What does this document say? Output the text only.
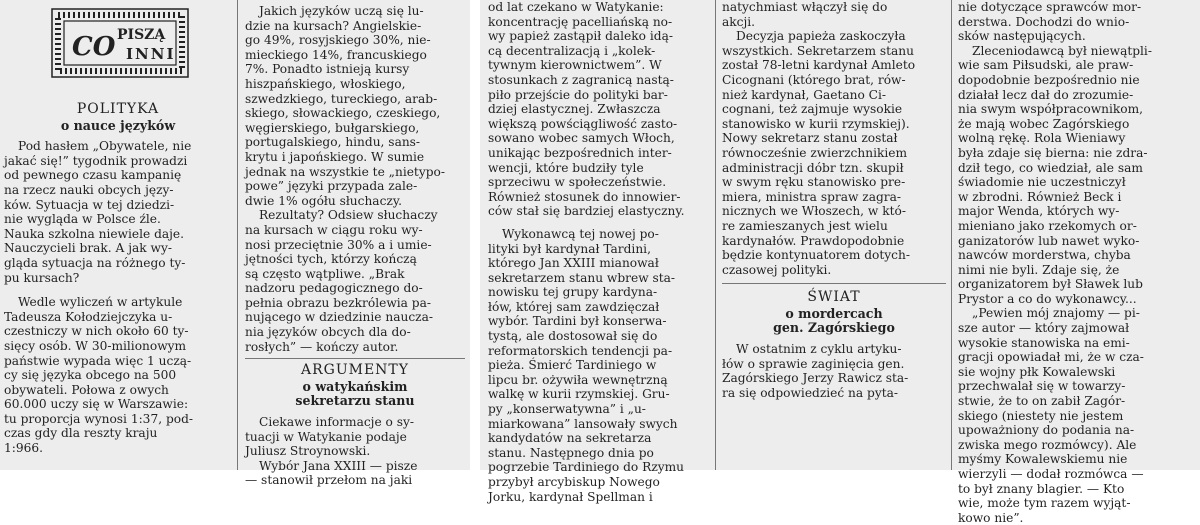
CO PISZĄ
INNI
POLITYKA
o nauce języków

Pod hasłem „Obywatele, nie
jakać się!” tygodnik prowadzi
od pewnego czasu kampanię
na rzecz nauki obcych języ-
ków. Sytuacja w tej dziedzi-
nie wygląda w Polsce źle.
Nauka szkolna niewiele daje.
Nauczycieli brak. A jak wy-
gląda sytuacja na różnego ty-
pu kursach?

Wedle wyliczeń w artykule
Tadeusza Kołodziejczyka u-
czestniczy w nich około 60 ty-
sięcy osób. W 30-milionowym
państwie wypada więc 1 uczą-
cy się języka obcego na 500
obywateli. Połowa z owych
60.000 uczy się w Warszawie:
tu proporcja wynosi 1:37, pod-
czas gdy dla reszty kraju
1:966.

Jakich języków uczą się lu-
dzie na kursach? Angielskie-
go 49%, rosyjskiego 30%, nie-
mieckiego 14%, francuskiego
7%. Ponadto istnieją kursy
hiszpańskiego, włoskiego,
szwedzkiego, tureckiego, arab-
skiego, słowackiego, czeskiego,
węgierskiego, bułgarskiego,
portugalskiego, hindu, sans-
krytu i japońskiego. W sumie
jednak na wszystkie te „nietypo-
powe” języki przypada zale-
dwie 1% ogółu słuchaczy.

Rezultaty? Odsiew słuchaczy
na kursach w ciągu roku wy-
nosi przeciętnie 30% a i umie-
jętności tych, którzy kończą
są często wątpliwe. „Brak
nadzoru pedagogicznego do-
pełnia obrazu bezkrólewia pa-
nującego w dziedzinie naucza-
nia języków obcych dla do-
rosłych” — kończy autor.

ARGUMENTY
o watykańskim
sekretarzu stanu

Ciekawe informacje o sy-
tuacji w Watykanie podaje
Juliusz Stroynowski.

Wybór Jana XXIII — pisze
— stanowił przełom na jaki

od lat czekano w Watykanie:
koncentrację pacelliańską no-
wy papież zastąpił daleko idą-
cą decentralizacją i „kolek-
tywnym kierownictwem”. W
stosunkach z zagranicą nastą-
piło przejście do polityki bar-
dziej elastycznej. Zwłaszcza
większą powściągliwość zasto-
sowano wobec samych Włoch,
unikając bezpośrednich inter-
wencji, które budziły tyle
sprzeciwu w społeczeństwie.
Również stosunek do innowier-
ców stał się bardziej elastyczny.

Wykonawcą tej nowej po-
lityki był kardynał Tardini,
którego Jan XXIII mianował
sekretarzem stanu wbrew sta-
nowisku tej grupy kardyna-
łów, której sam zawdzięczał
wybór. Tardini był konserwa-
tystą, ale dostosował się do
reformatorskich tendencji pa-
pieża. Śmierć Tardiniego w
lipcu br. ożywiła wewnętrzną
walkę w kurii rzymskiej. Gru-
py „konserwatywna” i „u-
miarkowana” lansowały swych
kandydatów na sekretarza
stanu. Następnego dnia po
pogrzebie Tardiniego do Rzymu
przybył arcybiskup Nowego
Jorku, kardynał Spellman i

natychmiast włączył się do
akcji.

Decyzja papieża zaskoczyła
wszystkich. Sekretarzem stanu
został 78-letni kardynał Amleto
Cicognani (którego brat, rów-
nież kardynał, Gaetano Ci-
cognani, też zajmuje wysokie
stanowisko w kurii rzymskiej).
Nowy sekretarz stanu został
równocześnie zwierzchnikiem
administracji dóbr tzn. skupił
w swym ręku stanowisko pre-
miera, ministra spraw zagra-
nicznych we Włoszech, w któ-
re zamieszanych jest wielu
kardynałów. Prawdopodobnie
będzie kontynuatorem dotych-
czasowej polityki.

ŚWIAT
o mordercach
gen. Zagórskiego

W ostatnim z cyklu artyku-
łów o sprawie zaginięcia gen.
Zagórskiego Jerzy Rawicz sta-
ra się odpowiedzieć na pyta-

nie dotyczące sprawców mor-
derstwa. Dochodzi do wnio-
sków następujących.

Zleceniodawcą był niewątpli-
wie sam Piłsudski, ale praw-
dopodobnie bezpośrednio nie
działał lecz dał do zrozumie-
nia swym współpracownikom,
że mają wobec Zagórskiego
wolną rękę. Rola Wieniawy
była zdaje się bierna: nie zdra-
dził tego, co wiedział, ale sam
świadomie nie uczestniczył
w zbrodni. Również Beck i
major Wenda, których wy-
mieniano jako rzekomych or-
ganizatorów lub nawet wyko-
nawców morderstwa, chyba
nimi nie byli. Zdaje się, że
organizatorem był Sławek lub
Prystor a co do wykonawcy...

„Pewien mój znajomy — pi-
sze autor — który zajmował
wysokie stanowiska na emi-
gracji opowiadał mi, że w cza-
sie wojny płk Kowalewski
przechwalał się w towarzy-
stwie, że to on zabił Zagór-
skiego (niestety nie jestem
upoważniony do podania na-
zwiska mego rozmówcy). Ale
myśmy Kowalewskiemu nie
wierzyli — dodał rozmówca —
to był znany blagier. — Kto
wie, może tym razem wyjąt-
kowo nie”.
